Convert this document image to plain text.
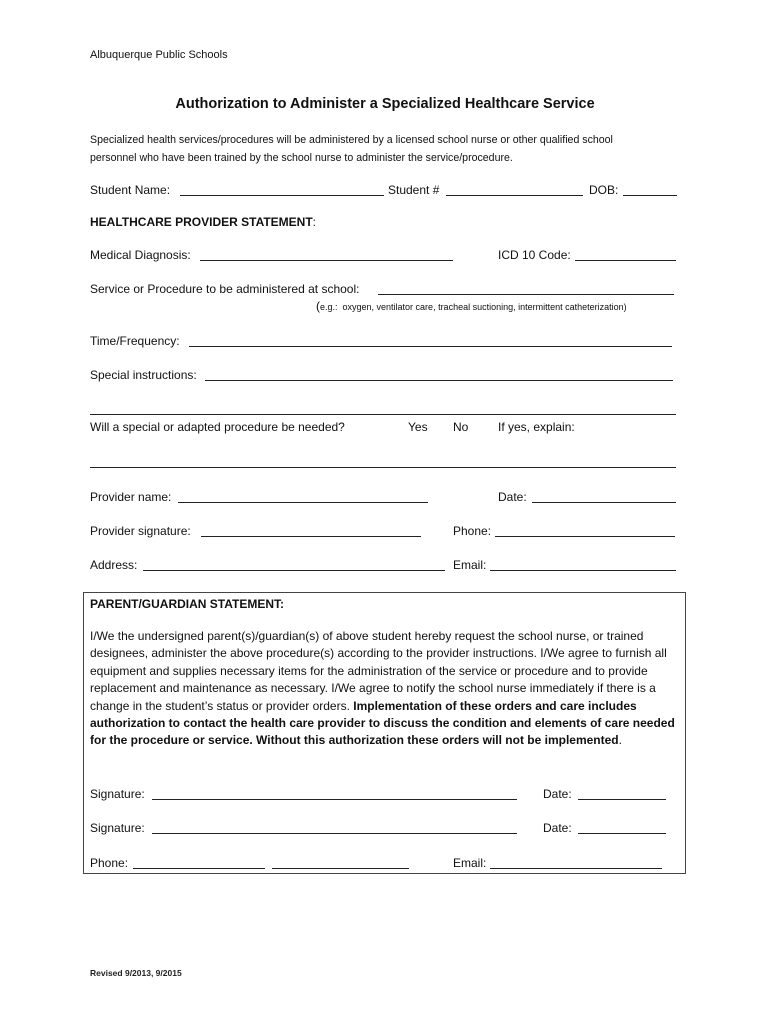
Albuquerque Public Schools
Authorization to Administer a Specialized Healthcare Service
Specialized health services/procedures will be administered by a licensed school nurse or other qualified school
personnel who have been trained by the school nurse to administer the service/procedure.
Student Name:	Student #	DOB:
HEALTHCARE PROVIDER STATEMENT:
Medical Diagnosis:	ICD 10 Code:
Service or Procedure to be administered at school:
(e.g.:  oxygen, ventilator care, tracheal suctioning, intermittent catheterization)
Time/Frequency:
Special instructions:
Will a special or adapted procedure be needed?	Yes No If yes, explain:
Provider name:	Date:
Provider signature:	Phone:
Address:	Email:
PARENT/GUARDIAN STATEMENT:
I/We the undersigned parent(s)/guardian(s) of above student hereby request the school nurse, or trained designees, administer the above procedure(s) according to the provider instructions. I/We agree to furnish all equipment and supplies necessary items for the administration of the service or procedure and to provide replacement and maintenance as necessary. I/We agree to notify the school nurse immediately if there is a change in the student’s status or provider orders. Implementation of these orders and care includes authorization to contact the health care provider to discuss the condition and elements of care needed for the procedure or service. Without this authorization these orders will not be implemented.
Signature:	Date:
Signature:	Date:
Phone:	Email:
Revised 9/2013, 9/2015
